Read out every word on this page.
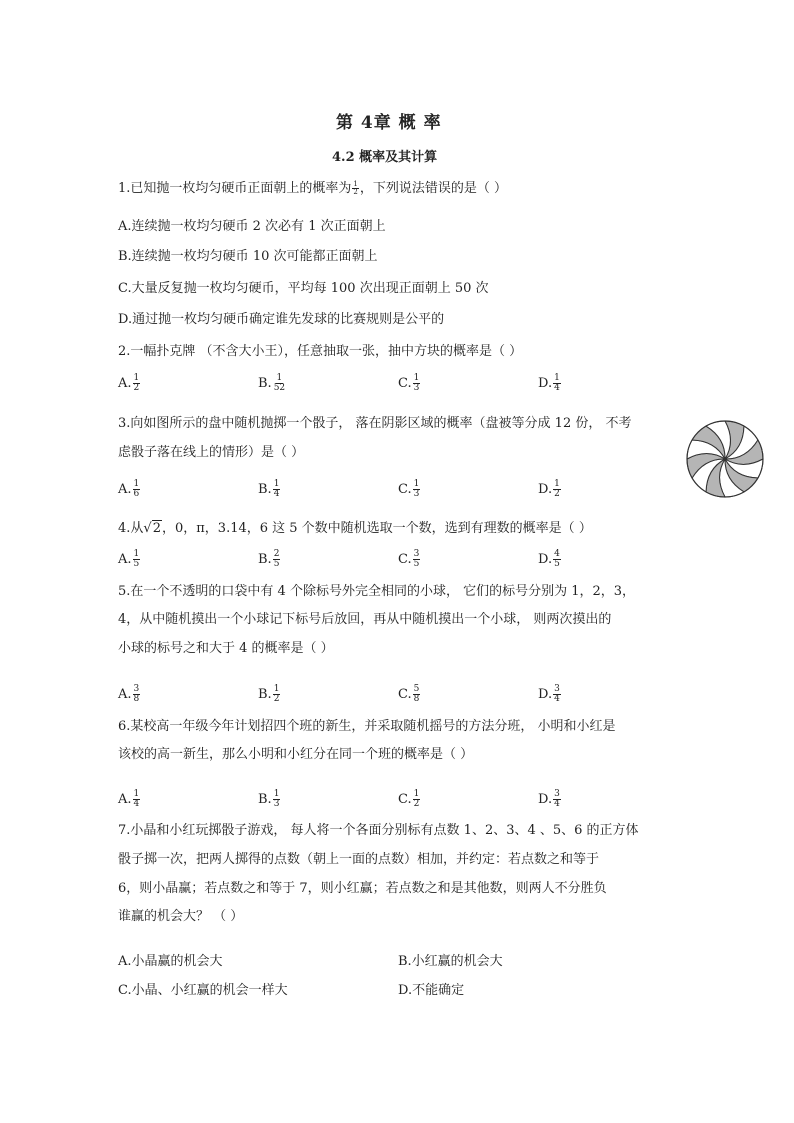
第 4章 概 率
4.2 概率及其计算
1.已知抛一枚均匀硬币正面朝上的概率为 $\frac{1}{2}$ ，下列说法错误的是（ ）
A.连续抛一枚均匀硬币 2 次必有 1 次正面朝上
B.连续抛一枚均匀硬币 10 次可能都正面朝上
C.大量反复抛一枚均匀硬币，平均每 100 次出现正面朝上 50 次
D.通过抛一枚均匀硬币确定谁先发球的比赛规则是公平的
2.一幅扑克牌 （不含大小王），任意抽取一张，抽中方块的概率是（ ）
A. $\frac{1}{2}$	B. $\frac{1}{52}$	C. $\frac{1}{3}$	D. $\frac{1}{4}$
3.向如图所示的盘中随机抛掷一个骰子， 落在阴影区域的概率（盘被等分成 12 份， 不考
虑骰子落在线上的情形）是（ ）
A. $\frac{1}{6}$	B. $\frac{1}{4}$	C. $\frac{1}{3}$	D. $\frac{1}{2}$
4.从√2，0，π，3.14，6 这 5 个数中随机选取一个数，选到有理数的概率是（ ）
A. $\frac{1}{5}$	B. $\frac{2}{5}$	C. $\frac{3}{5}$	D. $\frac{4}{5}$
5.在一个不透明的口袋中有 4 个除标号外完全相同的小球， 它们的标号分别为 1，2，3，
4，从中随机摸出一个小球记下标号后放回，再从中随机摸出一个小球， 则两次摸出的
小球的标号之和大于 4 的概率是（ ）
A. $\frac{3}{8}$	B. $\frac{1}{2}$	C. $\frac{5}{8}$	D. $\frac{3}{4}$
6.某校高一年级今年计划招四个班的新生，并采取随机摇号的方法分班， 小明和小红是
该校的高一新生，那么小明和小红分在同一个班的概率是（ ）
A. $\frac{1}{4}$	B. $\frac{1}{3}$	C. $\frac{1}{2}$	D. $\frac{3}{4}$
7.小晶和小红玩掷骰子游戏， 每人将一个各面分别标有点数 1、2、3、4 、5、6 的正方体
骰子掷一次，把两人掷得的点数（朝上一面的点数）相加，并约定：若点数之和等于
6，则小晶赢；若点数之和等于 7，则小红赢；若点数之和是其他数，则两人不分胜负
谁赢的机会大？ （ ）
A.小晶赢的机会大	B.小红赢的机会大
C.小晶、小红赢的机会一样大	D.不能确定
